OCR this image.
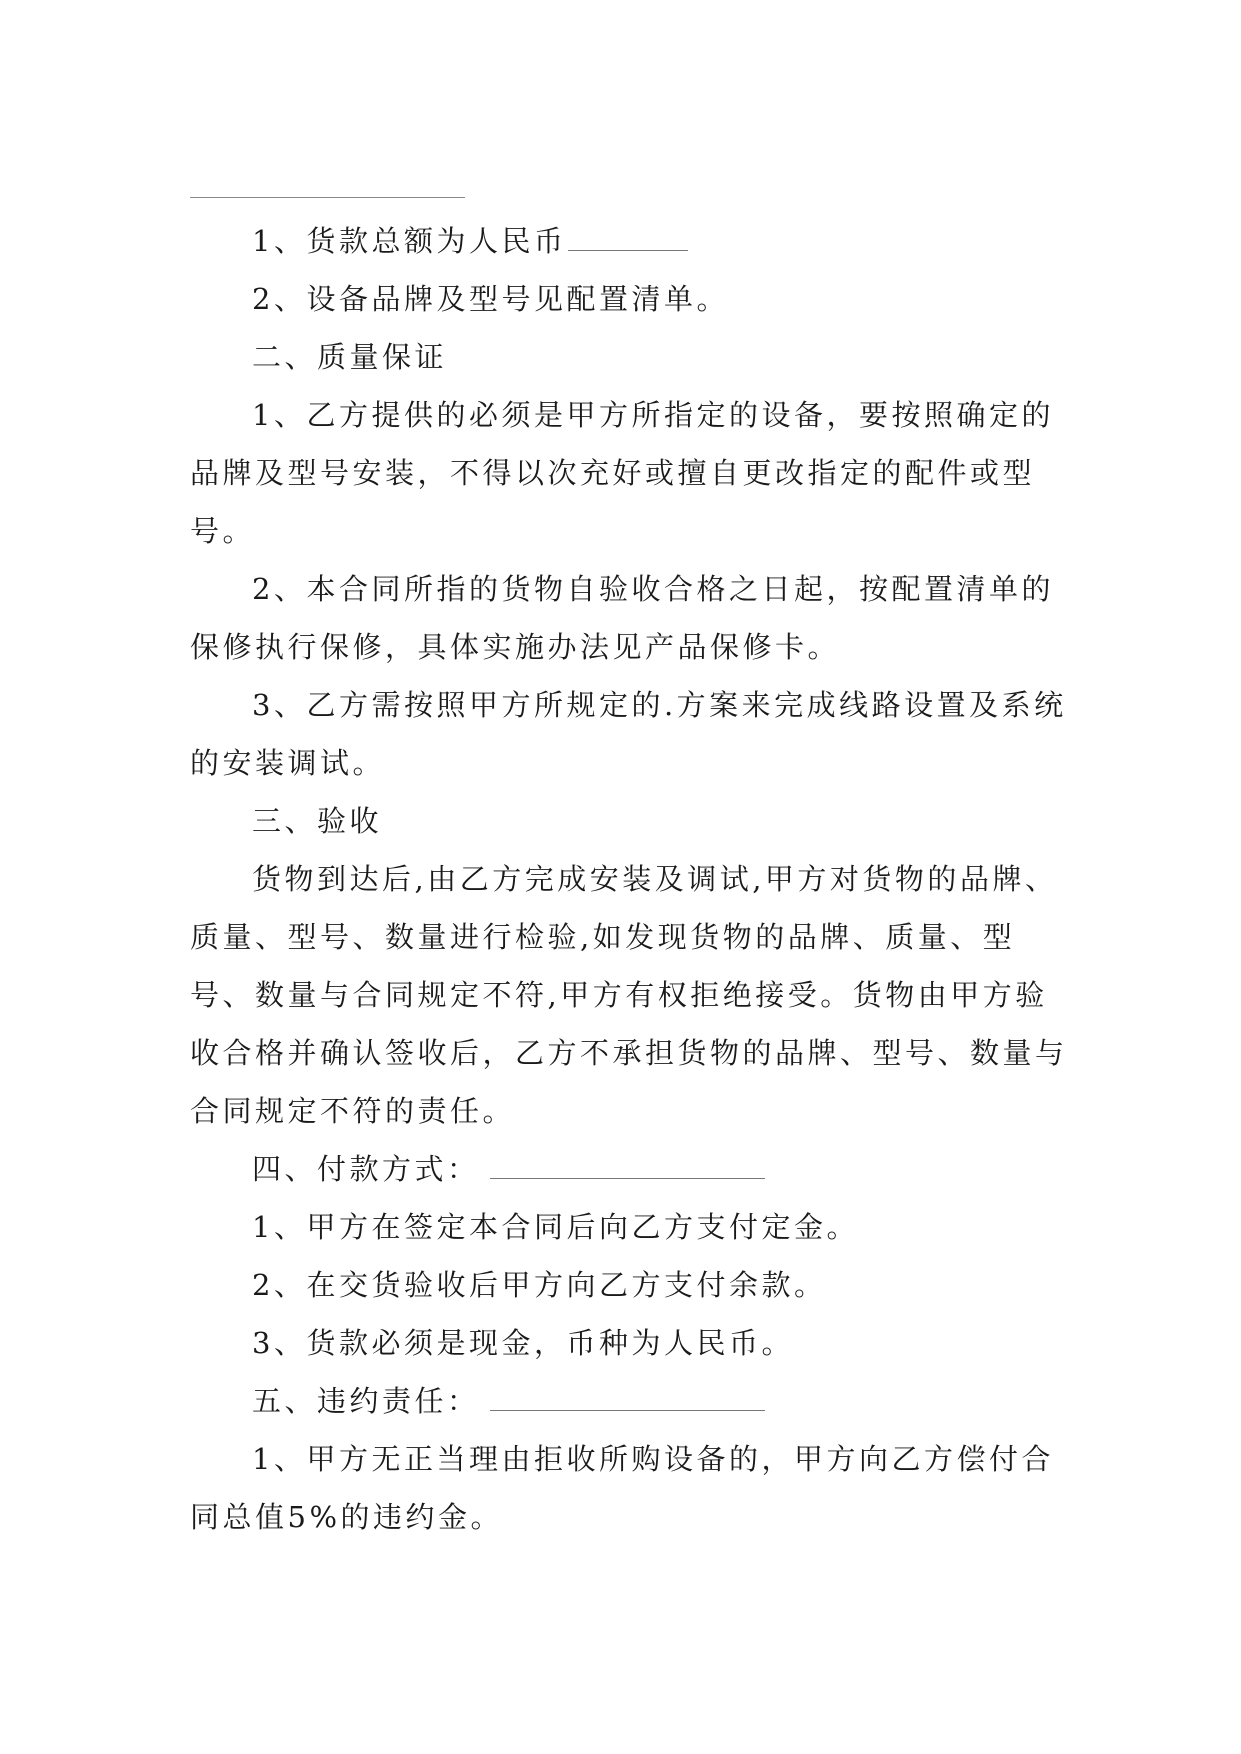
1、货款总额为人民币

2、设备品牌及型号见配置清单。

二、质量保证

1、乙方提供的必须是甲方所指定的设备，要按照确定的品牌及型号安装，不得以次充好或擅自更改指定的配件或型号。

2、本合同所指的货物自验收合格之日起，按配置清单的保修执行保修，具体实施办法见产品保修卡。

3、乙方需按照甲方所规定的.方案来完成线路设置及系统的安装调试。

三、验收

货物到达后,由乙方完成安装及调试,甲方对货物的品牌、质量、型号、数量进行检验,如发现货物的品牌、质量、型号、数量与合同规定不符,甲方有权拒绝接受。货物由甲方验收合格并确认签收后，乙方不承担货物的品牌、型号、数量与合同规定不符的责任。

四、付款方式：

1、甲方在签定本合同后向乙方支付定金。

2、在交货验收后甲方向乙方支付余款。

3、货款必须是现金，币种为人民币。

五、违约责任：

1、甲方无正当理由拒收所购设备的，甲方向乙方偿付合同总值5%的违约金。
